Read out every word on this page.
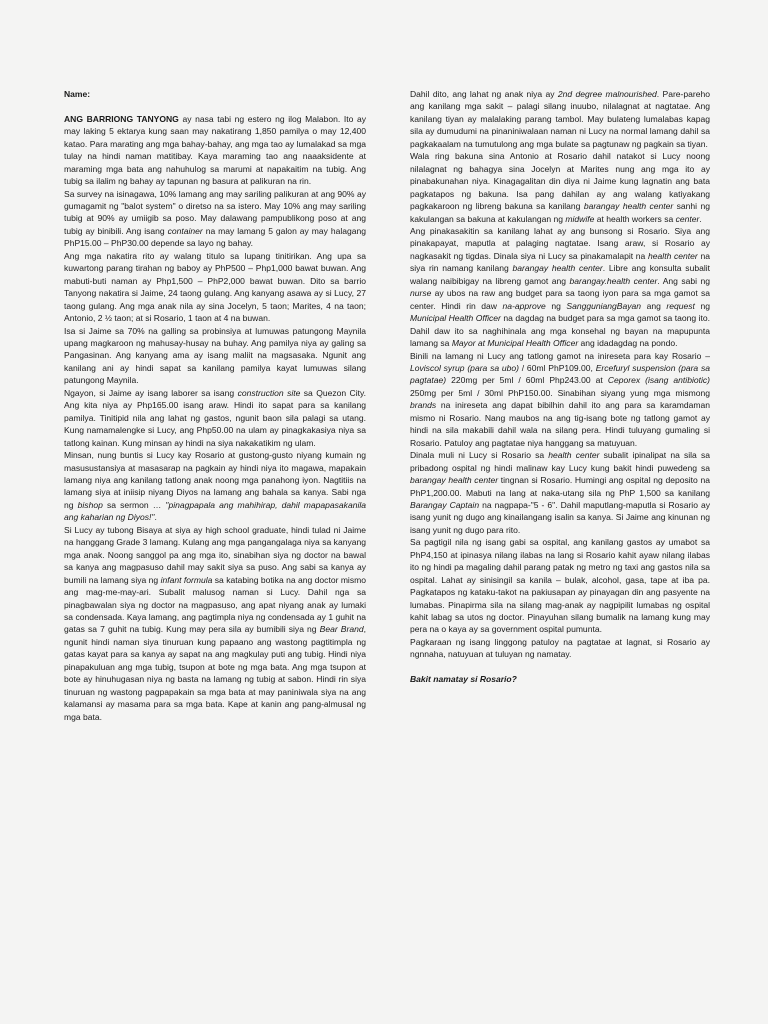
Name:

ANG BARRIONG TANYONG ay nasa tabi ng estero ng ilog Malabon. Ito ay may laking 5 ektarya kung saan may nakatirang 1,850 pamilya o may 12,400 katao. Para marating ang mga bahay-bahay, ang mga tao ay lumalakad sa mga tulay na hindi naman matitibay. Kaya maraming tao ang naaaksidente at maraming mga bata ang nahuhulog sa marumi at napakaitim na tubig. Ang tubig sa ilalim ng bahay ay tapunan ng basura at palikuran na rin.

Sa survey na isinagawa, 10% lamang ang may sariling palikuran at ang 90% ay gumagamit ng "balot system" o diretso na sa istero. May 10% ang may sariling tubig at 90% ay umiigib sa poso. May dalawang pampublikong poso at ang tubig ay binibili. Ang isang container na may lamang 5 galon ay may halagang PhP15.00 – PhP30.00 depende sa layo ng bahay.

Ang mga nakatira rito ay walang titulo sa lupang tinitirikan. Ang upa sa kuwartong parang tirahan ng baboy ay PhP500 – Php1,000 bawat buwan. Ang mabuti-buti naman ay Php1,500 – PhP2,000 bawat buwan. Dito sa barrio Tanyong nakatira si Jaime, 24 taong gulang. Ang kanyang asawa ay si Lucy, 27 taong gulang. Ang mga anak nila ay sina Jocelyn, 5 taon; Marites, 4 na taon; Antonio, 2 ½ taon; at si Rosario, 1 taon at 4 na buwan.

Isa si Jaime sa 70% na galling sa probinsiya at lumuwas patungong Maynila upang magkaroon ng mahusay-husay na buhay. Ang pamilya niya ay galing sa Pangasinan. Ang kanyang ama ay isang maliit na magsasaka. Ngunit ang kanilang ani ay hindi sapat sa kanilang pamilya kayat lumuwas silang patungong Maynila.

Ngayon, si Jaime ay isang laborer sa isang construction site sa Quezon City. Ang kita niya ay Php165.00 isang araw. Hindi ito sapat para sa kanilang pamilya. Tinitipid nila ang lahat ng gastos, ngunit baon sila palagi sa utang. Kung namamalengke si Lucy, ang Php50.00 na ulam ay pinagkakasiya niya sa tatlong kainan. Kung minsan ay hindi na siya nakakatikim ng ulam.

Minsan, nung buntis si Lucy kay Rosario at gustong-gusto niyang kumain ng masusustansiya at masasarap na pagkain ay hindi niya ito magawa, mapakain lamang niya ang kanilang tatlong anak noong mga panahong iyon. Nagtitiis na lamang siya at iniisip niyang Diyos na lamang ang bahala sa kanya. Sabi nga ng bishop sa sermon … "pinagpapala ang mahihirap, dahil mapapasakanila ang kaharian ng Diyos!".

Si Lucy ay tubong Bisaya at siya ay high school graduate, hindi tulad ni Jaime na hanggang Grade 3 lamang. Kulang ang mga pangangalaga niya sa kanyang mga anak. Noong sanggol pa ang mga ito, sinabihan siya ng doctor na bawal sa kanya ang magpasuso dahil may sakit siya sa puso. Ang sabi sa kanya ay bumili na lamang siya ng infant formula sa katabing botika na ang doctor mismo ang mag-me-may-ari. Subalit malusog naman si Lucy. Dahil nga sa pinagbawalan siya ng doctor na magpasuso, ang apat niyang anak ay lumaki sa condensada. Kaya lamang, ang pagtimpla niya ng condensada ay 1 guhit na gatas sa 7 guhit na tubig. Kung may pera sila ay bumibili siya ng Bear Brand, ngunit hindi naman siya tinuruan kung papaano ang wastong pagtitimpla ng gatas kayat para sa kanya ay sapat na ang magkulay puti ang tubig. Hindi niya pinapakuluan ang mga tubig, tsupon at bote ng mga bata. Ang mga tsupon at bote ay hinuhugasan niya ng basta na lamang ng tubig at sabon. Hindi rin siya tinuruan ng wastong pagpapakain sa mga bata at may paniniwala siya na ang kalamansi ay masama para sa mga bata. Kape at kanin ang pang-almusal ng mga bata.

Dahil dito, ang lahat ng anak niya ay 2nd degree malnourished. Pare-pareho ang kanilang mga sakit – palagi silang inuubo, nilalagnat at nagtatae. Ang kanilang tiyan ay malalaking parang tambol. May bulateng lumalabas kapag sila ay dumudumi na pinaniniwalaan naman ni Lucy na normal lamang dahil sa pagkakaalam na tumutulong ang mga bulate sa pagtunaw ng pagkain sa tiyan.

Wala ring bakuna sina Antonio at Rosario dahil natakot si Lucy noong nilalagnat ng bahagya sina Jocelyn at Marites nung ang mga ito ay pinabakunahan niya. Kinagagalitan din diya ni Jaime kung lagnatin ang bata pagkatapos ng bakuna. Isa pang dahilan ay ang walang katiyakang pagkakaroon ng libreng bakuna sa kanilang barangay health center sanhi ng kakulangan sa bakuna at kakulangan ng midwife at health workers sa center.

Ang pinakasakitin sa kanilang lahat ay ang bunsong si Rosario. Siya ang pinakapayat, maputla at palaging nagtatae. Isang araw, si Rosario ay nagkasakit ng tigdas. Dinala siya ni Lucy sa pinakamalapit na health center na siya rin namang kanilang barangay health center. Libre ang konsulta subalit walang naibibigay na libreng gamot ang barangay.health center. Ang sabi ng nurse ay ubos na raw ang budget para sa taong iyon para sa mga gamot sa center. Hindi rin daw na-approve ng SangguniangBayan ang request ng Municipal Health Officer na dagdag na budget para sa mga gamot sa taong ito. Dahil daw ito sa naghihinala ang mga konsehal ng bayan na mapupunta lamang sa Mayor at Municipal Health Officer ang idadagdag na pondo.

Binili na lamang ni Lucy ang tatlong gamot na inireseta para kay Rosario – Loviscol syrup (para sa ubo) / 60ml PhP109.00, Ercefuryl suspension (para sa pagtatae) 220mg per 5ml / 60ml Php243.00 at Ceporex (isang antibiotic) 250mg per 5ml / 30ml PhP150.00. Sinabihan siyang yung mga mismong brands na inireseta ang dapat bibilhin dahil ito ang para sa karamdaman mismo ni Rosario. Nang maubos na ang tig-isang bote ng tatlong gamot ay hindi na sila makabili dahil wala na silang pera. Hindi tuluyang gumaling si Rosario. Patuloy ang pagtatae niya hanggang sa matuyuan.

Dinala muli ni Lucy si Rosario sa health center subalit ipinalipat na sila sa pribadong ospital ng hindi malinaw kay Lucy kung bakit hindi puwedeng sa barangay health center tingnan si Rosario. Humingi ang ospital ng deposito na PhP1,200.00. Mabuti na lang at naka-utang sila ng PhP 1,500 sa kanilang Barangay Captain na nagpapa-"5 - 6". Dahil maputlang-maputla si Rosario ay isang yunit ng dugo ang kinailangang isalin sa kanya. Si Jaime ang kinunan ng isang yunit ng dugo para rito.

Sa pagtigil nila ng isang gabi sa ospital, ang kanilang gastos ay umabot sa PhP4,150 at ipinasya nilang ilabas na lang si Rosario kahit ayaw nilang ilabas ito ng hindi pa magaling dahil parang patak ng metro ng taxi ang gastos nila sa ospital. Lahat ay sinisingil sa kanila – bulak, alcohol, gasa, tape at iba pa. Pagkatapos ng kataku-takot na pakiusapan ay pinayagan din ang pasyente na lumabas. Pinapirma sila na silang mag-anak ay nagpipilit lumabas ng ospital kahit labag sa utos ng doctor. Pinayuhan silang bumalik na lamang kung may pera na o kaya ay sa government ospital pumunta.

Pagkaraan ng isang linggong patuloy na pagtatae at lagnat, si Rosario ay ngnnaha, natuyuan at tuluyan ng namatay.

Bakit namatay si Rosario?
